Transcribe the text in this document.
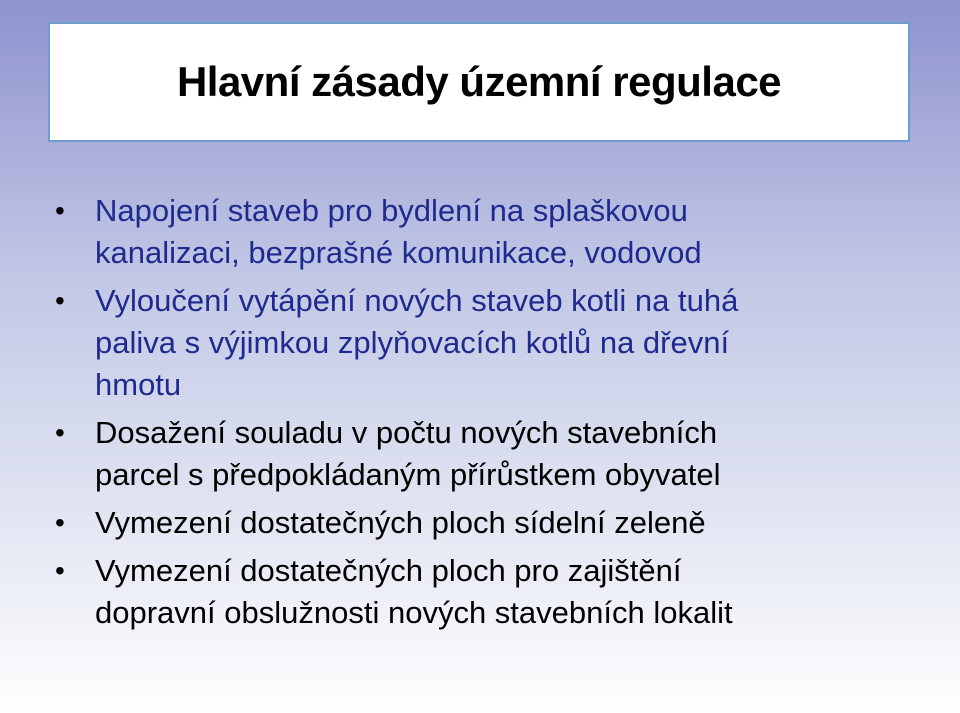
Hlavní zásady územní regulace
• Napojení staveb pro bydlení na splaškovou
kanalizaci, bezprašné komunikace, vodovod
• Vyloučení vytápění nových staveb kotli na tuhá
paliva s výjimkou zplyňovacích kotlů na dřevní
hmotu
• Dosažení souladu v počtu nových stavebních
parcel s předpokládaným přírůstkem obyvatel
• Vymezení dostatečných ploch sídelní zeleně
• Vymezení dostatečných ploch pro zajištění
dopravní obslužnosti nových stavebních lokalit
